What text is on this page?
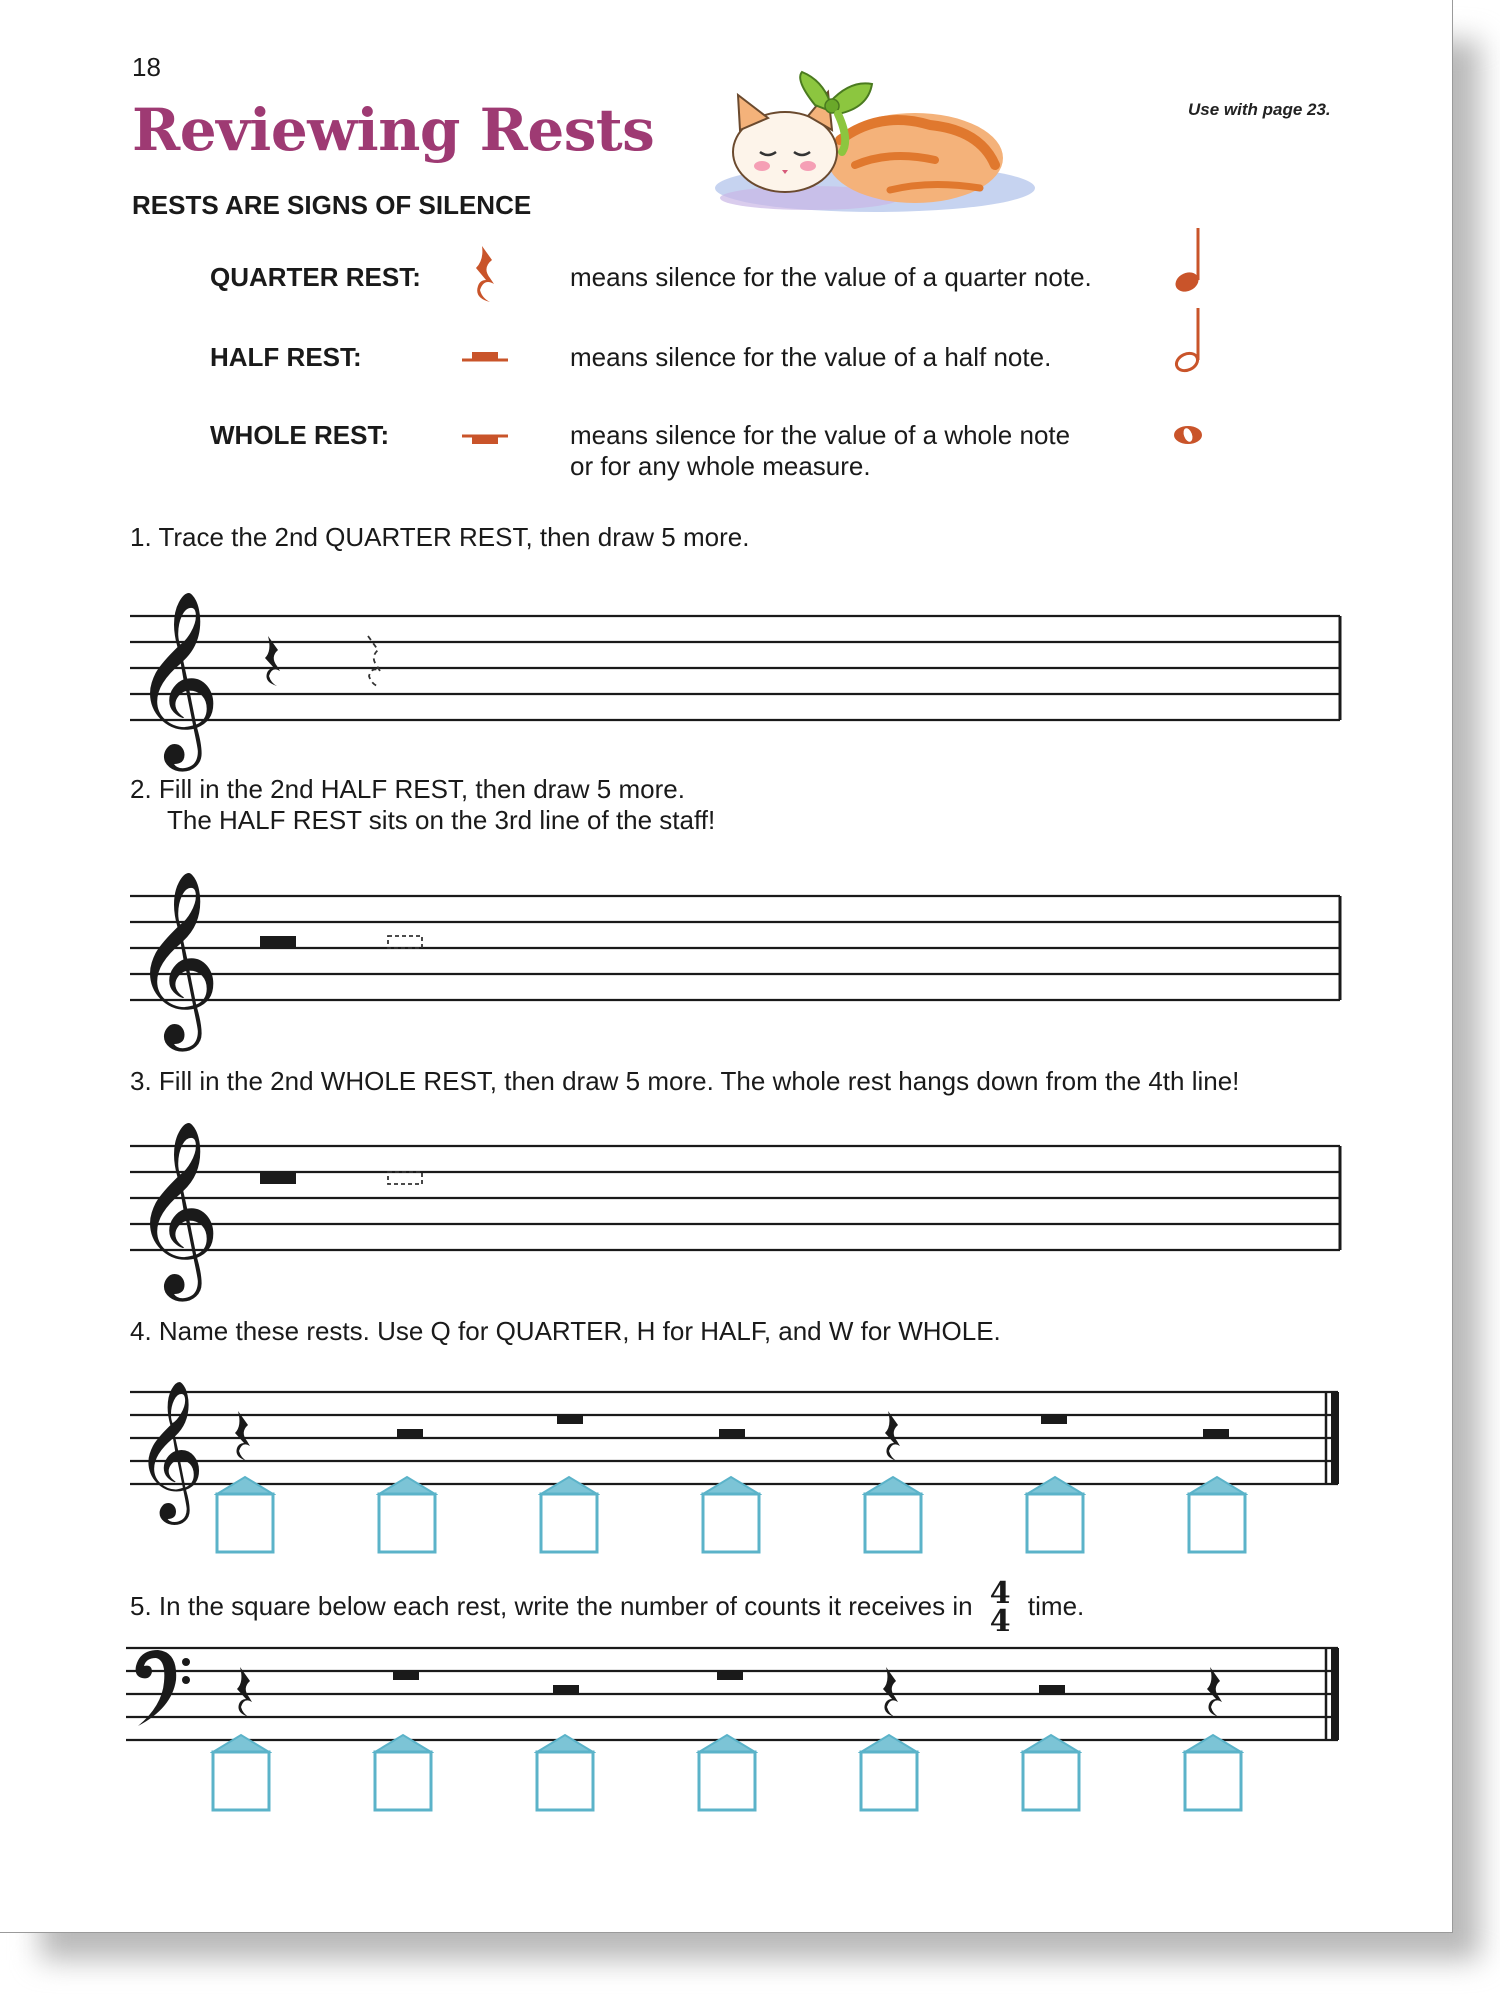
18
Reviewing Rests	Use with page 23.
RESTS ARE SIGNS OF SILENCE
QUARTER REST:	means silence for the value of a quarter note.
HALF REST:	means silence for the value of a half note.
WHOLE REST:	means silence for the value of a whole note
or for any whole measure.
1. Trace the 2nd QUARTER REST, then draw 5 more.
2. Fill in the 2nd HALF REST, then draw 5 more.
The HALF REST sits on the 3rd line of the staff!
3. Fill in the 2nd WHOLE REST, then draw 5 more. The whole rest hangs down from the 4th line!
4. Name these rests. Use Q for QUARTER, H for HALF, and W for WHOLE.
5. In the square below each rest, write the number of counts it receives in 4
4 time.
𝄞
𝄞
𝄞
𝄞
